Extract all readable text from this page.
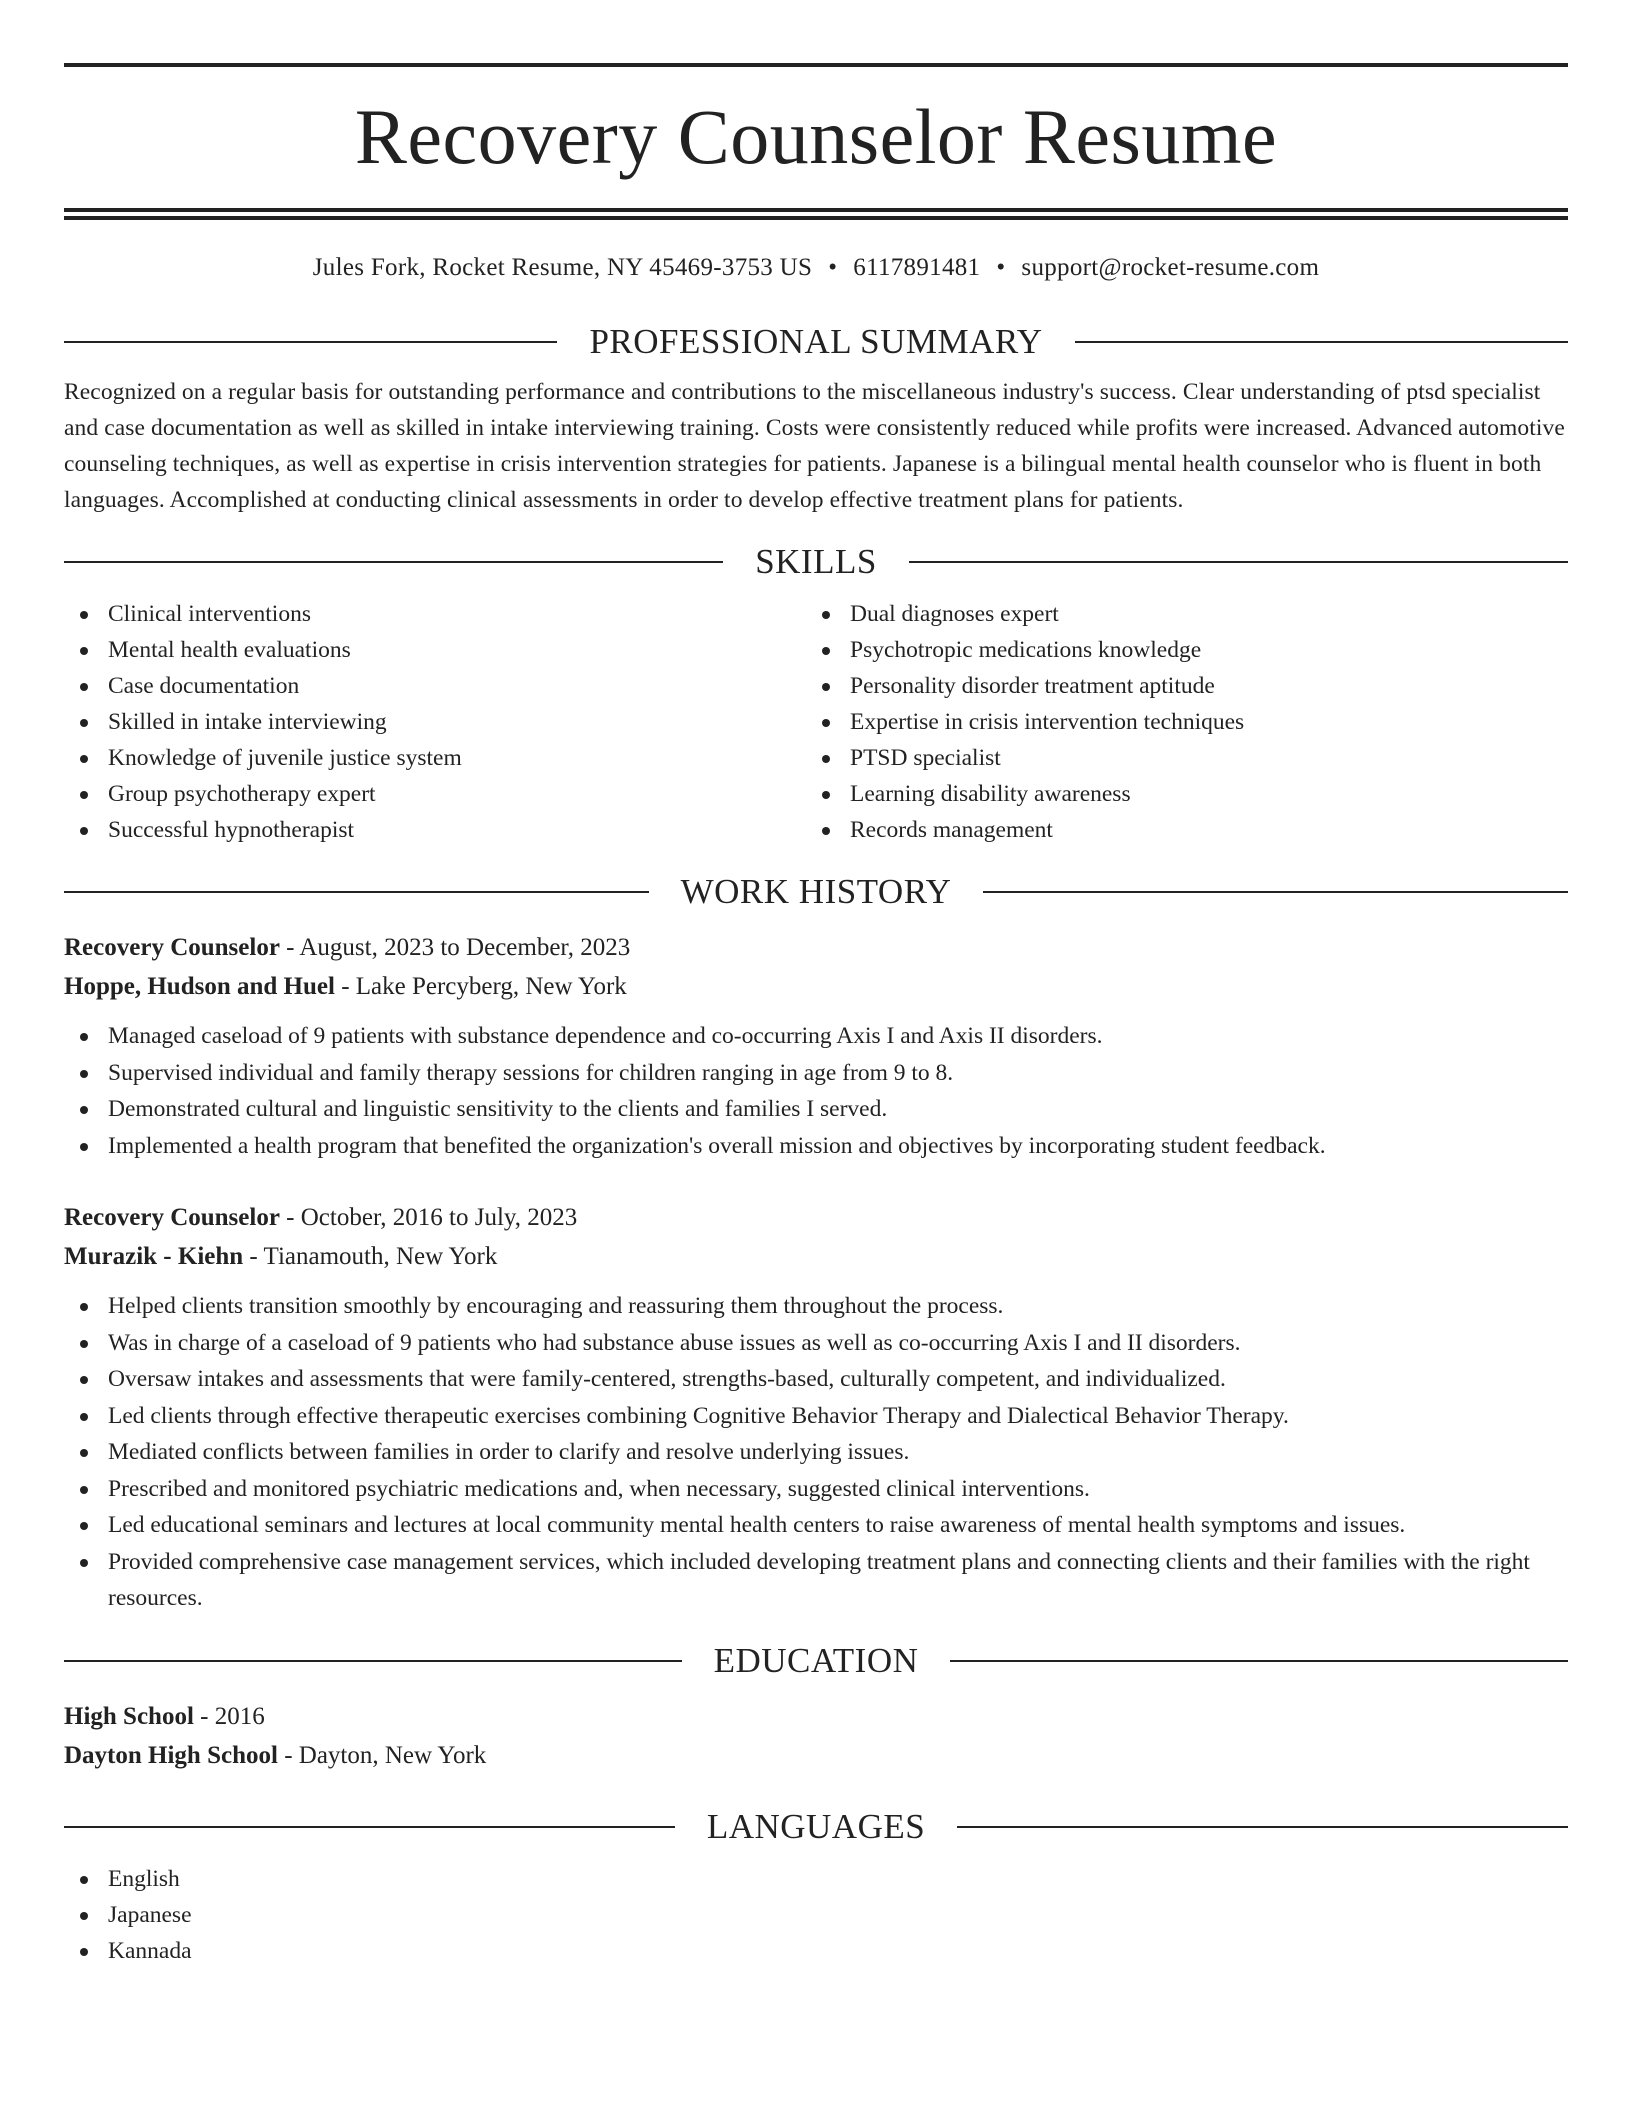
Recovery Counselor Resume
Jules Fork, Rocket Resume, NY 45469-3753 US • 6117891481 • support@rocket-resume.com
PROFESSIONAL SUMMARY
Recognized on a regular basis for outstanding performance and contributions to the miscellaneous industry's success. Clear understanding of ptsd specialist and case documentation as well as skilled in intake interviewing training. Costs were consistently reduced while profits were increased. Advanced automotive counseling techniques, as well as expertise in crisis intervention strategies for patients. Japanese is a bilingual mental health counselor who is fluent in both languages. Accomplished at conducting clinical assessments in order to develop effective treatment plans for patients.
SKILLS
Clinical interventions
Mental health evaluations
Case documentation
Skilled in intake interviewing
Knowledge of juvenile justice system
Group psychotherapy expert
Successful hypnotherapist
Dual diagnoses expert
Psychotropic medications knowledge
Personality disorder treatment aptitude
Expertise in crisis intervention techniques
PTSD specialist
Learning disability awareness
Records management
WORK HISTORY
Recovery Counselor - August, 2023 to December, 2023
Hoppe, Hudson and Huel - Lake Percyberg, New York
Managed caseload of 9 patients with substance dependence and co-occurring Axis I and Axis II disorders.
Supervised individual and family therapy sessions for children ranging in age from 9 to 8.
Demonstrated cultural and linguistic sensitivity to the clients and families I served.
Implemented a health program that benefited the organization's overall mission and objectives by incorporating student feedback.
Recovery Counselor - October, 2016 to July, 2023
Murazik - Kiehn - Tianamouth, New York
Helped clients transition smoothly by encouraging and reassuring them throughout the process.
Was in charge of a caseload of 9 patients who had substance abuse issues as well as co-occurring Axis I and II disorders.
Oversaw intakes and assessments that were family-centered, strengths-based, culturally competent, and individualized.
Led clients through effective therapeutic exercises combining Cognitive Behavior Therapy and Dialectical Behavior Therapy.
Mediated conflicts between families in order to clarify and resolve underlying issues.
Prescribed and monitored psychiatric medications and, when necessary, suggested clinical interventions.
Led educational seminars and lectures at local community mental health centers to raise awareness of mental health symptoms and issues.
Provided comprehensive case management services, which included developing treatment plans and connecting clients and their families with the right resources.
EDUCATION
High School - 2016
Dayton High School - Dayton, New York
LANGUAGES
English
Japanese
Kannada
